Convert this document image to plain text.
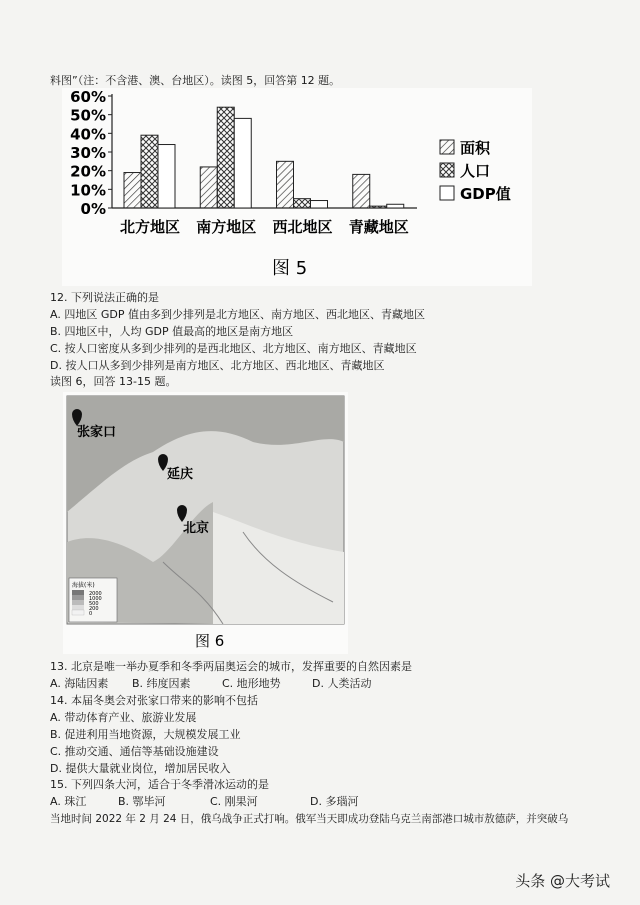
料图”（注：不含港、澳、台地区）。读图 5，回答第 12 题。
0%
10%
20%
30%
40%
50%
60%
北方地区 南方地区 西北地区 青藏地区
面积
人口
GDP值
图 5
12. 下列说法正确的是
A. 四地区 GDP 值由多到少排列是北方地区、南方地区、西北地区、青藏地区
B. 四地区中，人均 GDP 值最高的地区是南方地区
C. 按人口密度从多到少排列的是西北地区、北方地区、南方地区、青藏地区
D. 按人口从多到少排列是南方地区、北方地区、西北地区、青藏地区
读图 6，回答 13-15 题。
张家口
延庆
北京
海拔(米)
2000
1000
500
200
0
图 6
13. 北京是唯一举办夏季和冬季两届奥运会的城市，发挥重要的自然因素是
A. 海陆因素 B. 纬度因素	C. 地形地势	D. 人类活动
14. 本届冬奥会对张家口带来的影响不包括
A. 带动体育产业、旅游业发展
B. 促进利用当地资源，大规模发展工业
C. 推动交通、通信等基础设施建设
D. 提供大量就业岗位，增加居民收入
15. 下列四条大河，适合于冬季滑冰运动的是
A. 珠江	B. 鄂毕河	C. 刚果河	D. 多瑙河
当地时间 2022 年 2 月 24 日，俄乌战争正式打响。俄军当天即成功登陆乌克兰南部港口城市敖德萨，并突破乌
头条 @大考试
